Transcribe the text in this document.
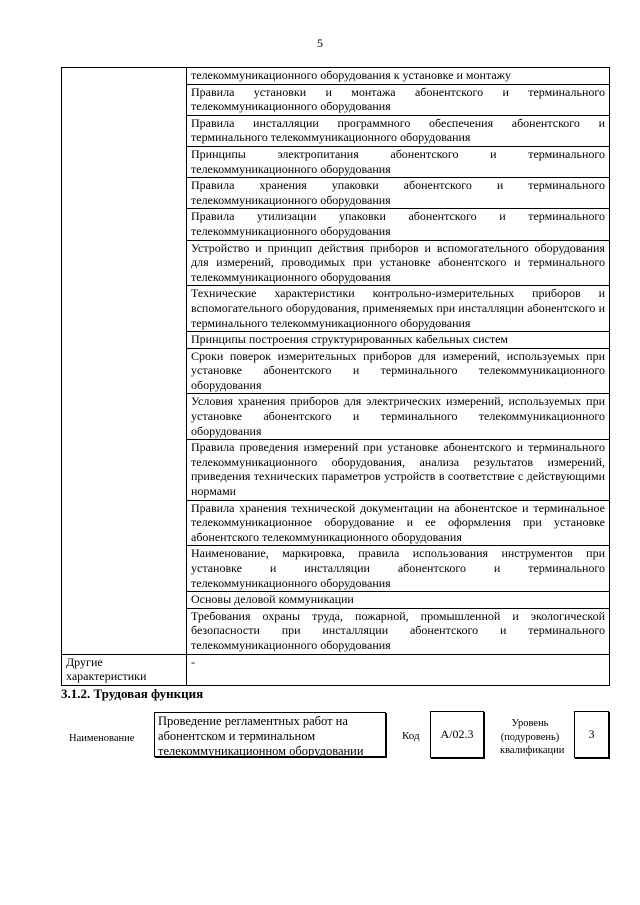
5
	телекоммуникационного оборудования к установке и монтажу
	Правила установки и монтажа абонентского и терминального телекоммуникационного оборудования
	Правила инсталляции программного обеспечения абонентского и терминального телекоммуникационного оборудования
	Принципы электропитания абонентского и терминального телекоммуникационного оборудования
	Правила хранения упаковки абонентского и терминального телекоммуникационного оборудования
	Правила утилизации упаковки абонентского и терминального телекоммуникационного оборудования
	Устройство и принцип действия приборов и вспомогательного оборудования для измерений, проводимых при установке абонентского и терминального телекоммуникационного оборудования
	Технические характеристики контрольно-измерительных приборов и вспомогательного оборудования, применяемых при инсталляции абонентского и терминального телекоммуникационного оборудования
	Принципы построения структурированных кабельных систем
	Сроки поверок измерительных приборов для измерений, используемых при установке абонентского и терминального телекоммуникационного оборудования
	Условия хранения приборов для электрических измерений, используемых при установке абонентского и терминального телекоммуникационного оборудования
	Правила проведения измерений при установке абонентского и терминального телекоммуникационного оборудования, анализа результатов измерений, приведения технических параметров устройств в соответствие с действующими нормами
	Правила хранения технической документации на абонентское и терминальное телекоммуникационное оборудование и ее оформления при установке абонентского телекоммуникационного оборудования
	Наименование, маркировка, правила использования инструментов при установке и инсталляции абонентского и терминального телекоммуникационного оборудования
	Основы деловой коммуникации
	Требования охраны труда, пожарной, промышленной и экологической безопасности при инсталляции абонентского и терминального телекоммуникационного оборудования
Другие характеристики	-
3.1.2. Трудовая функция
Наименование
Проведение регламентных работ на абонентском и терминальном телекоммуникационном оборудовании
Код	A/02.3
Уровень (подуровень) квалификации
3
